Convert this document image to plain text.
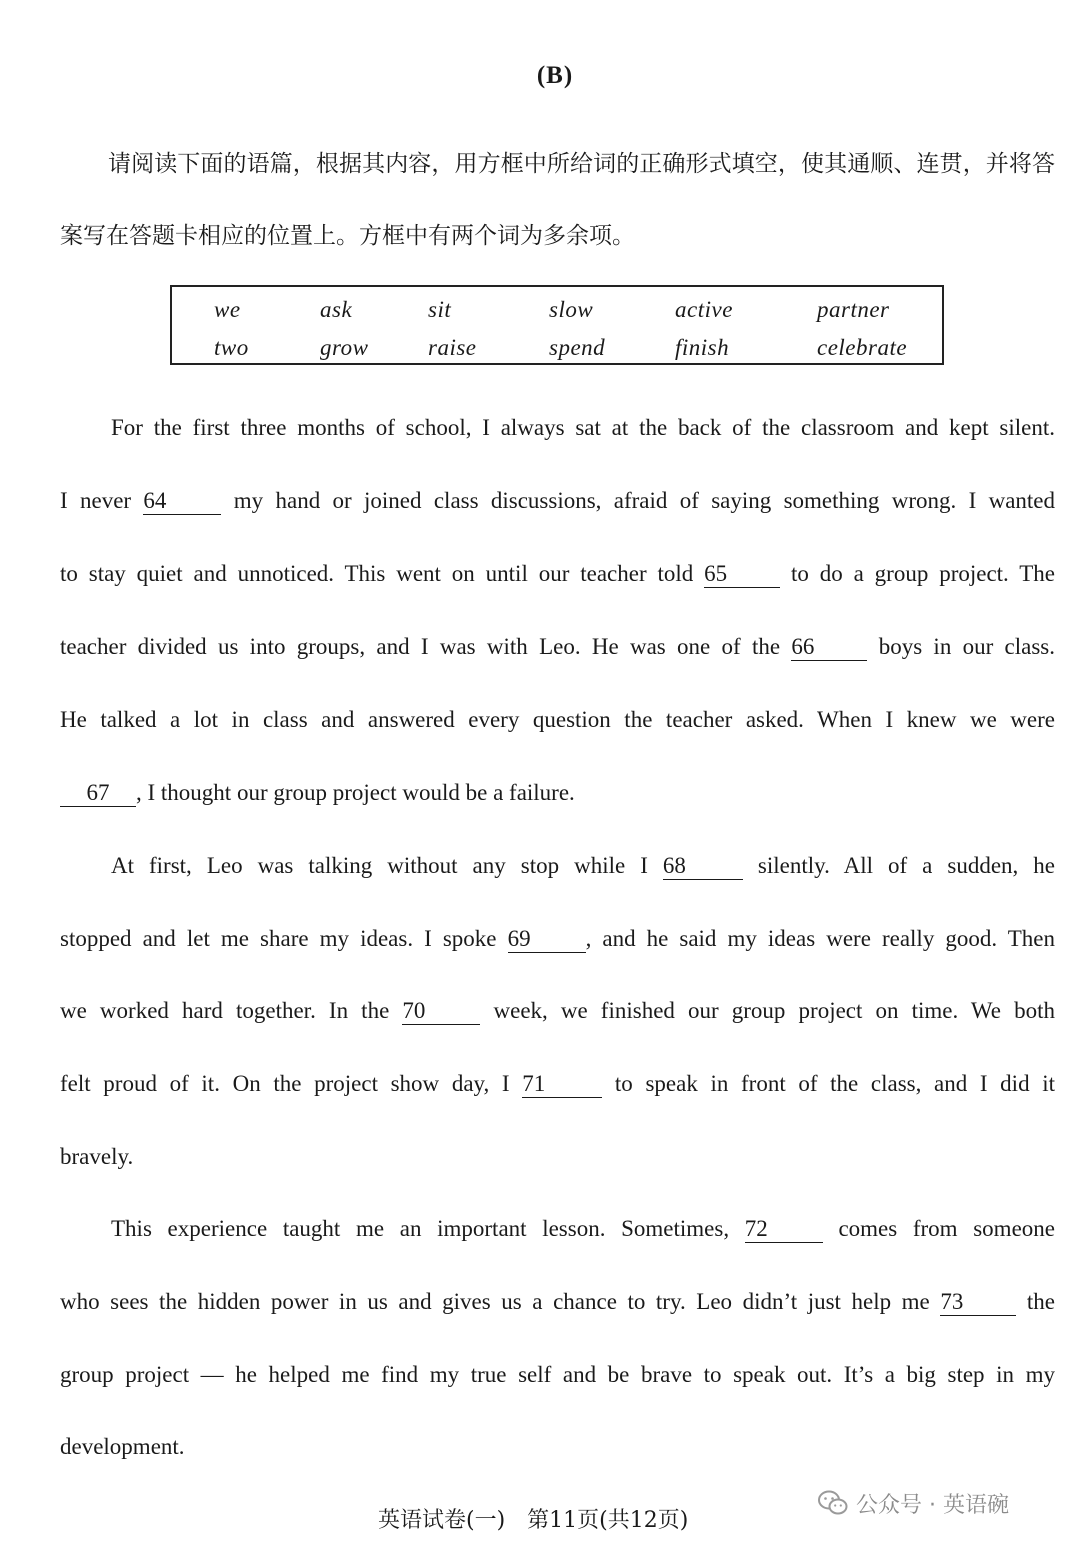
(B)

请阅读下面的语篇，根据其内容，用方框中所给词的正确形式填空，使其通顺、连贯，并将答案写在答题卡相应的位置上。方框中有两个词为多余项。

we	ask	sit	slow	active	partner
two	grow	raise	spend	finish	celebrate
For the first three months of school, I always sat at the back of the classroom and kept silent.
I never 64	my hand or joined class discussions, afraid of saying something wrong. I wanted
to stay quiet and unnoticed. This went on until our teacher told 65	to do a group project. The
teacher divided us into groups, and I was with Leo. He was one of the 66	boys in our class.
He talked a lot in class and answered every question the teacher asked. When I knew we were
67 , I thought our group project would be a failure.
At first, Leo was talking without any stop while I 68	silently. All of a sudden, he
stopped and let me share my ideas. I spoke 69 , and he said my ideas were really good. Then
we worked hard together. In the 70	week, we finished our group project on time. We both
felt proud of it. On the project show day, I 71	to speak in front of the class, and I did it
bravely.
This experience taught me an important lesson. Sometimes, 72	comes from someone
who sees the hidden power in us and gives us a chance to try. Leo didn’t just help me 73	the
group project — he helped me find my true self and be brave to speak out. It’s a big step in my
development.
英语试卷(一)　第11页(共12页)
公众号 · 英语碗
